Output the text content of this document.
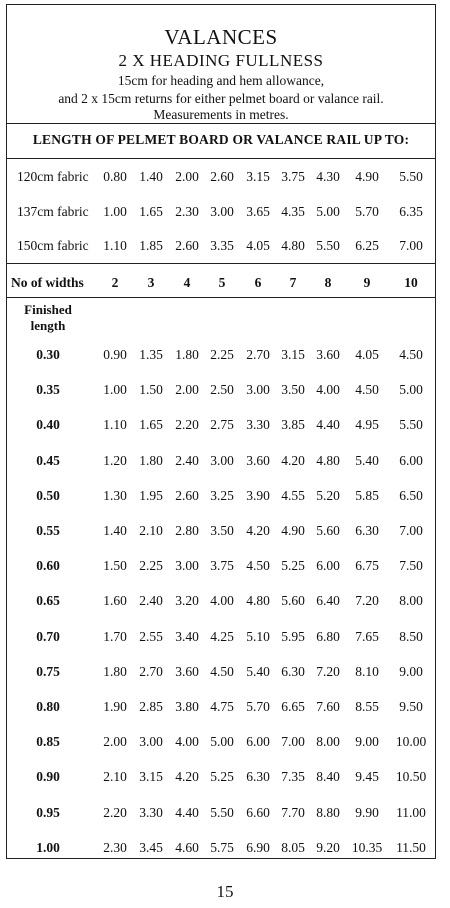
VALANCES
2 X HEADING FULLNESS
15cm for heading and hem allowance,
and 2 x 15cm returns for either pelmet board or valance rail.
Measurements in metres.
LENGTH OF PELMET BOARD OR VALANCE RAIL UP TO:
120cm fabric	0.80 1.40 2.00 2.60 3.15 3.75 4.30	4.90	5.50
137cm fabric	1.00 1.65 2.30 3.00 3.65 4.35 5.00	5.70	6.35
150cm fabric	1.10 1.85 2.60 3.35 4.05 4.80 5.50	6.25	7.00
No of widths	2	3	4	5	6	7	8	9	10
Finished
length
0.30	0.90 1.35 1.80 2.25 2.70 3.15 3.60	4.05	4.50
0.35	1.00 1.50 2.00 2.50 3.00 3.50 4.00	4.50	5.00
0.40	1.10 1.65 2.20 2.75 3.30 3.85 4.40	4.95	5.50
0.45	1.20 1.80 2.40 3.00 3.60 4.20 4.80	5.40	6.00
0.50	1.30 1.95 2.60 3.25 3.90 4.55 5.20	5.85	6.50
0.55	1.40 2.10 2.80 3.50 4.20 4.90 5.60	6.30	7.00
0.60	1.50 2.25 3.00 3.75 4.50 5.25 6.00	6.75	7.50
0.65	1.60 2.40 3.20 4.00 4.80 5.60 6.40	7.20	8.00
0.70	1.70 2.55 3.40 4.25 5.10 5.95 6.80	7.65	8.50
0.75	1.80 2.70 3.60 4.50 5.40 6.30 7.20	8.10	9.00
0.80	1.90 2.85 3.80 4.75 5.70 6.65 7.60	8.55	9.50
0.85	2.00 3.00 4.00 5.00 6.00 7.00 8.00	9.00	10.00
0.90	2.10 3.15 4.20 5.25 6.30 7.35 8.40	9.45	10.50
0.95	2.20 3.30 4.40 5.50 6.60 7.70 8.80	9.90	11.00
1.00	2.30 3.45 4.60 5.75 6.90 8.05 9.20 10.35	11.50
15
